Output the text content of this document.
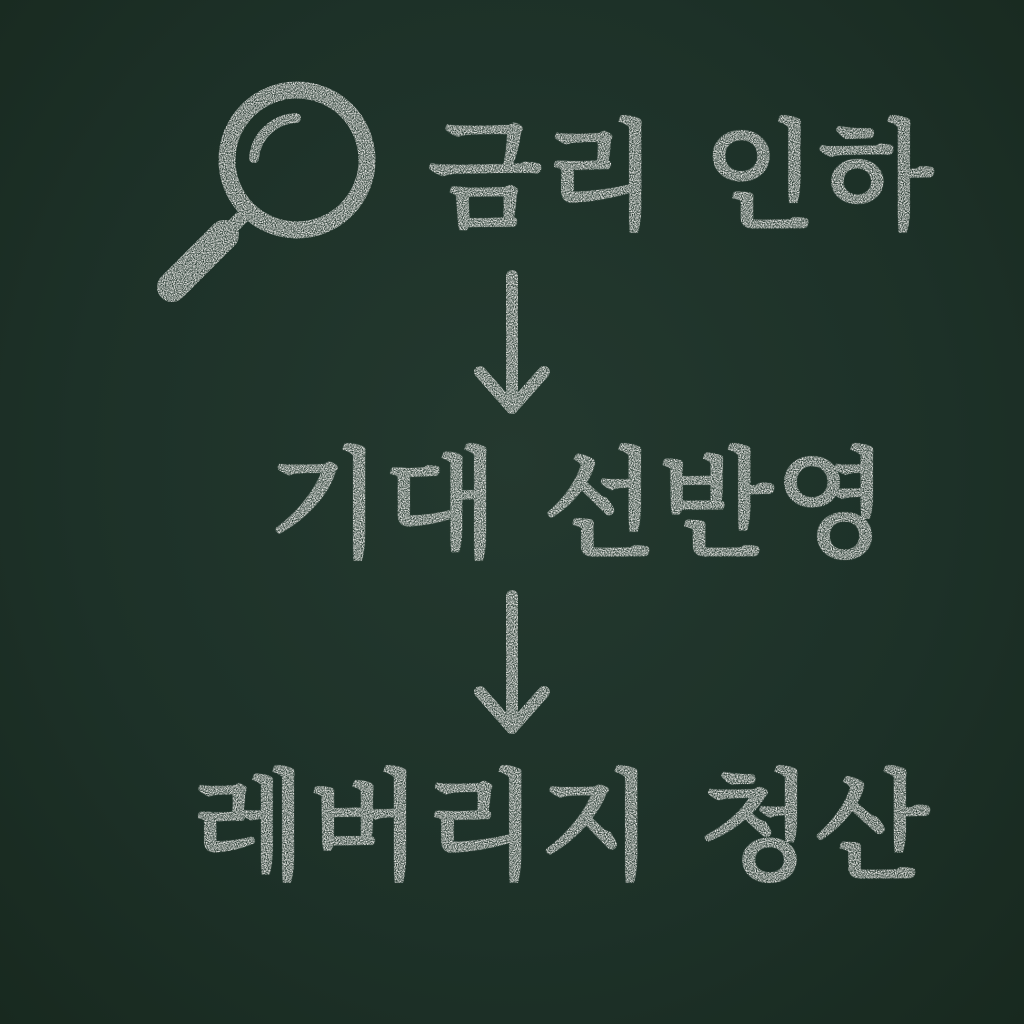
금리 인하
기대 선반영
레버리지 청산
